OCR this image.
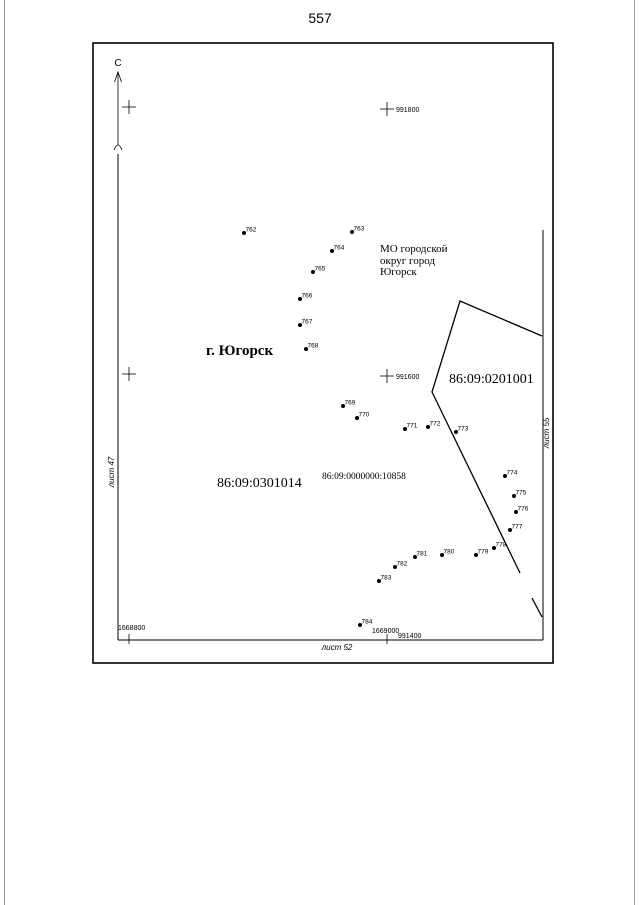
557
С
991800
991600
991400
1668800	1669000
лист 47
лист 52
лист 55
86:09:0201001
86:09:0301014 86:09:0000000:10858
г. Югорск
МО городской
округ город
Югорск
762	763
764
765
766
767
768
769
770
771 772
773
774
775
776
777
778
779
780
781
782
783
784
